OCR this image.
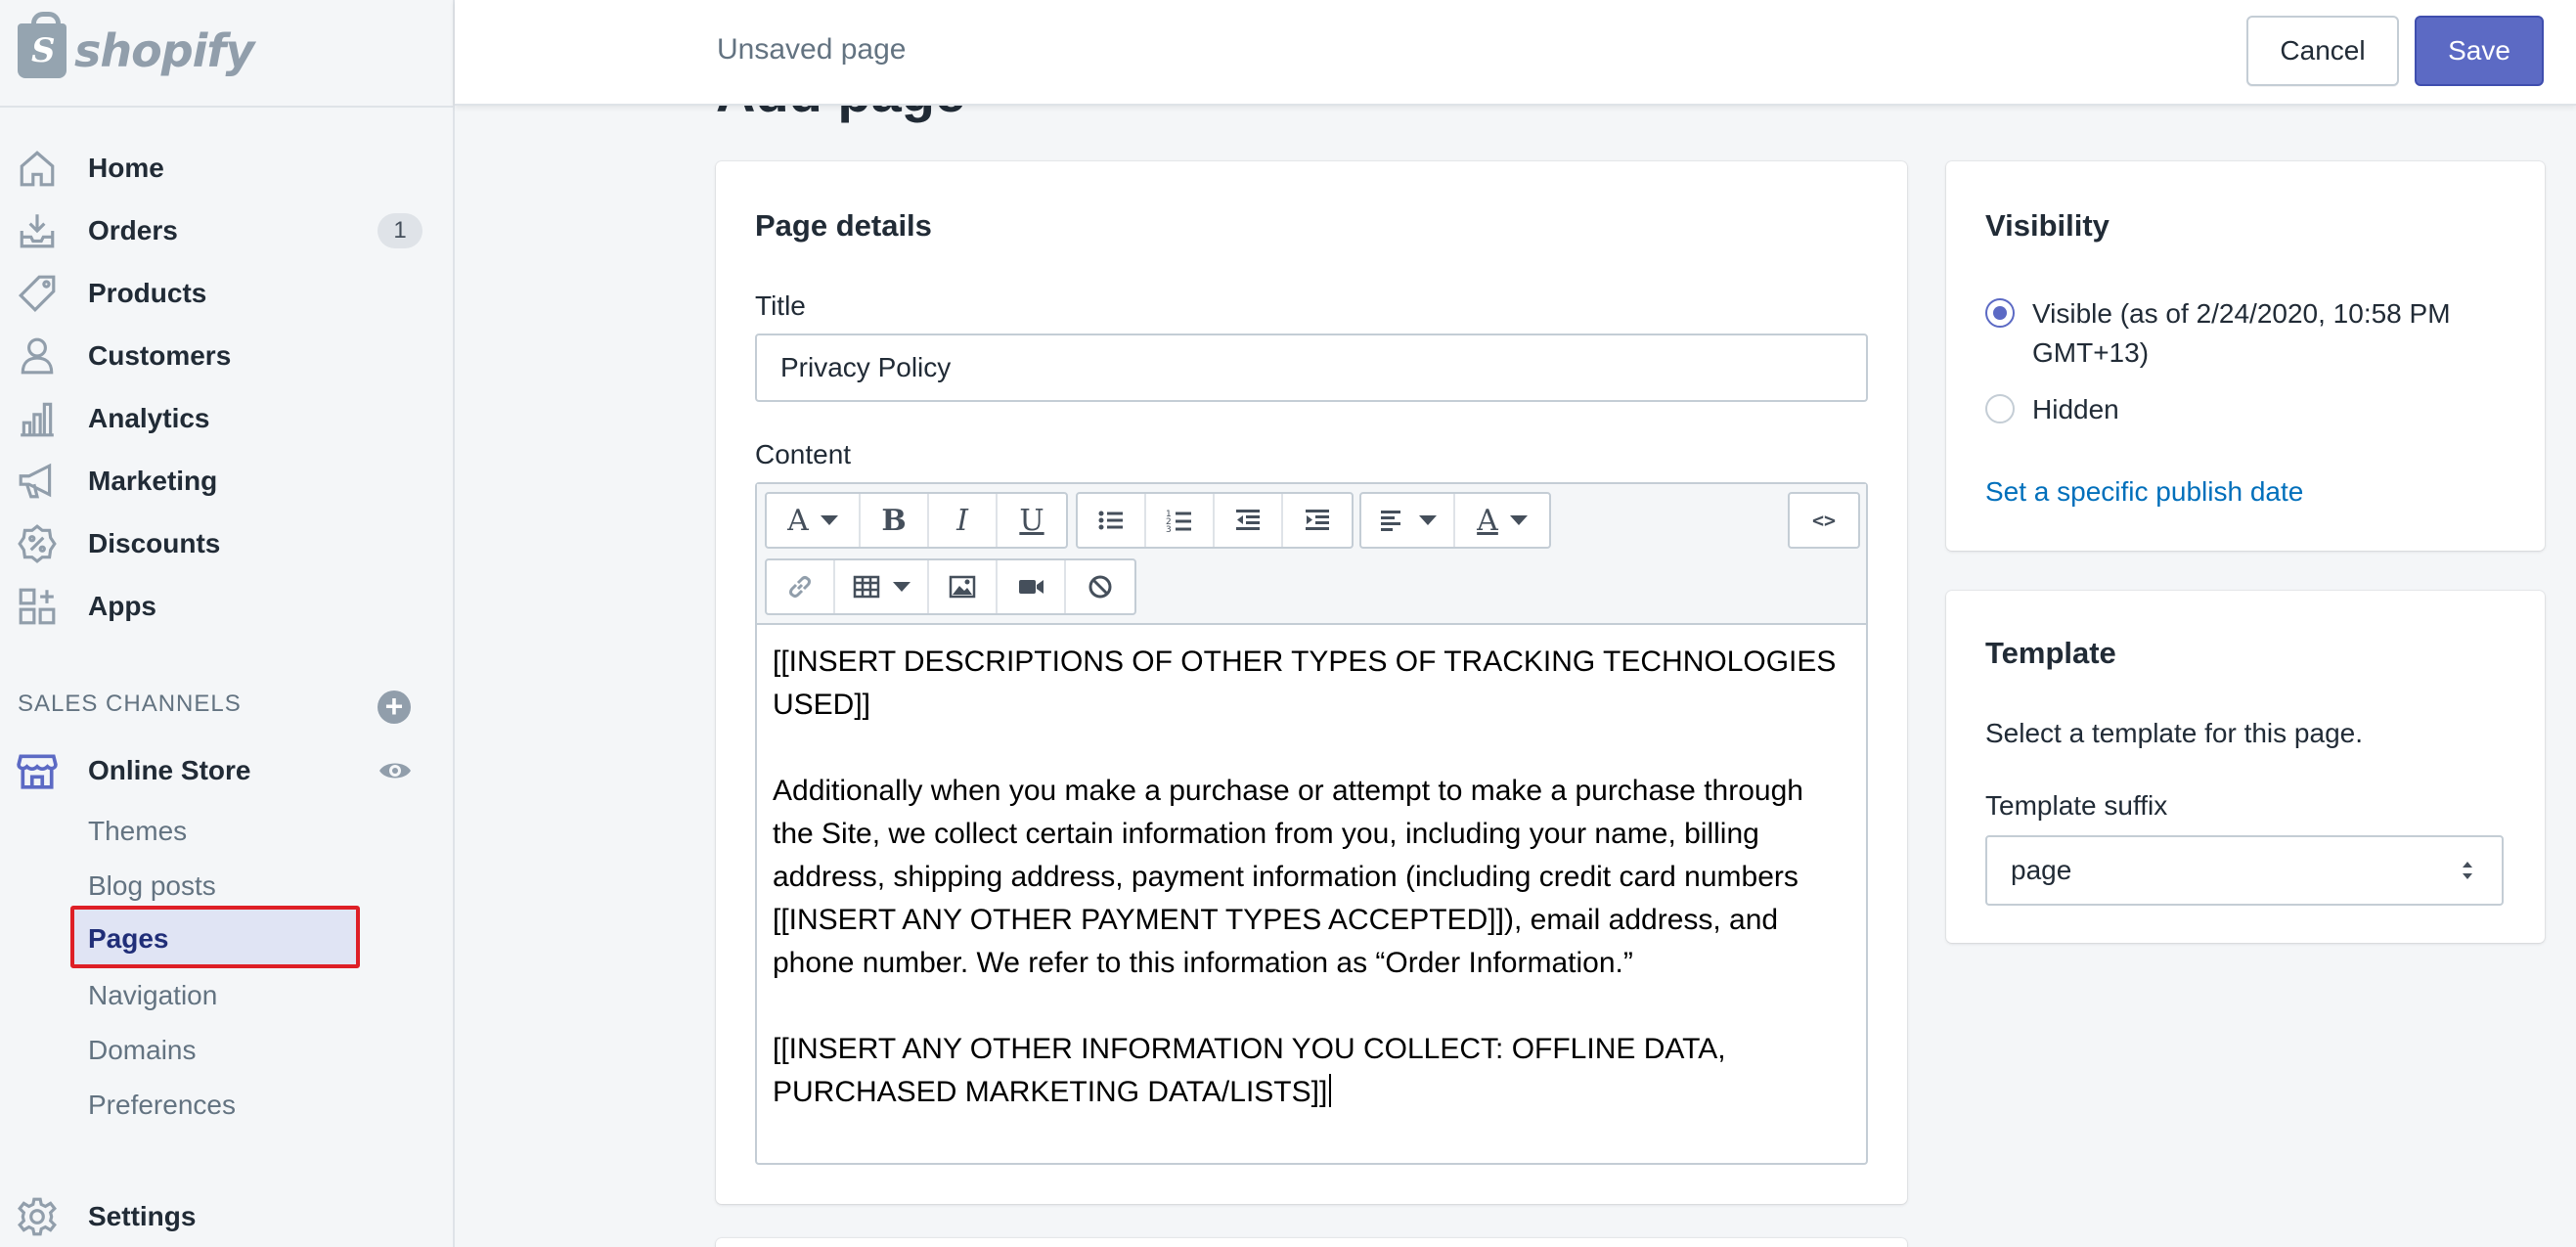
S
shopify
Home
Orders	1
Products
Customers
Analytics
Marketing
Discounts
Apps
SALES CHANNELS	+
Online Store
Themes
Blog posts
Pages
Navigation
Domains
Preferences
Settings
Unsaved page	Cancel	Save
Page details
Title
Privacy Policy
Content
A B I U	1
2
3	A	<>

[[INSERT DESCRIPTIONS OF OTHER TYPES OF TRACKING TECHNOLOGIES USED]]

Additionally when you make a purchase or attempt to make a purchase through the Site, we collect certain information from you, including your name, billing address, shipping address, payment information (including credit card numbers [[INSERT ANY OTHER PAYMENT TYPES ACCEPTED]]), email address, and phone number. We refer to this information as “Order Information.”

[[INSERT ANY OTHER INFORMATION YOU COLLECT: OFFLINE DATA, PURCHASED MARKETING DATA/LISTS]]

Visibility
Visible (as of 2/24/2020, 10:58 PM GMT+13)
Hidden
Set a specific publish date
Template
Select a template for this page.
Template suffix
page
